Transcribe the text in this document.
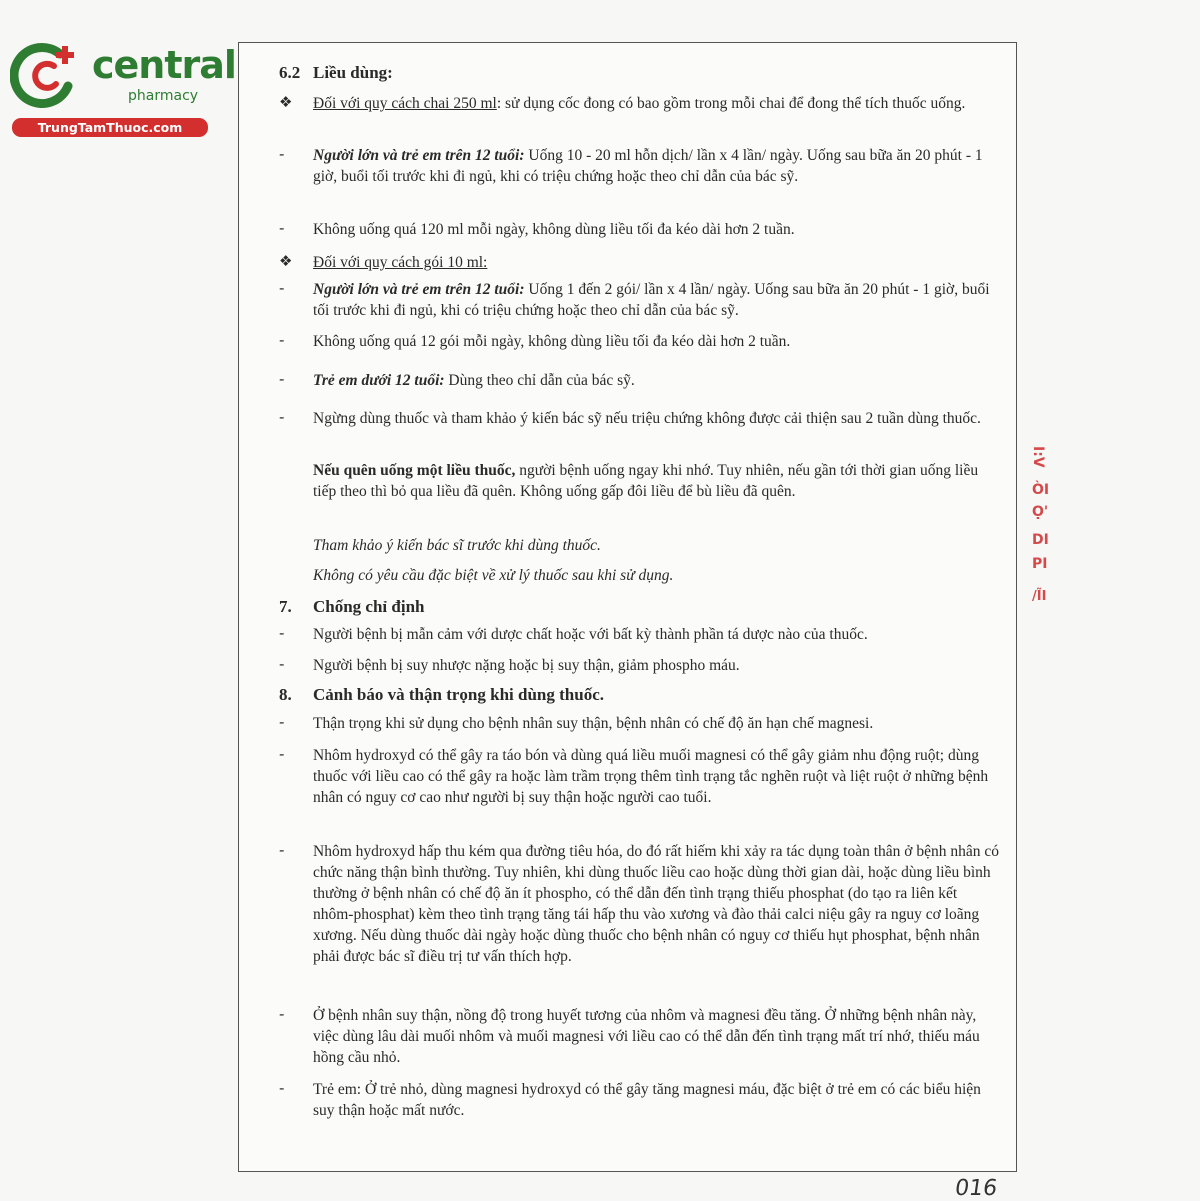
central
pharmacy
TrungTamThuoc.com
6.2 Liều dùng:
❖	Đối với quy cách chai 250 ml: sử dụng cốc đong có bao gồm trong mỗi chai để đong thể tích thuốc uống.
-	Người lớn và trẻ em trên 12 tuổi: Uống 10 - 20 ml hỗn dịch/ lần x 4 lần/ ngày. Uống sau bữa ăn 20 phút - 1 giờ, buổi tối trước khi đi ngủ, khi có triệu chứng hoặc theo chỉ dẫn của bác sỹ.
-	Không uống quá 120 ml mỗi ngày, không dùng liều tối đa kéo dài hơn 2 tuần.
❖	Đối với quy cách gói 10 ml:
-	Người lớn và trẻ em trên 12 tuổi: Uống 1 đến 2 gói/ lần x 4 lần/ ngày. Uống sau bữa ăn 20 phút - 1 giờ, buổi tối trước khi đi ngủ, khi có triệu chứng hoặc theo chỉ dẫn của bác sỹ.
-	Không uống quá 12 gói mỗi ngày, không dùng liều tối đa kéo dài hơn 2 tuần.
-	Trẻ em dưới 12 tuổi: Dùng theo chỉ dẫn của bác sỹ.
-	Ngừng dùng thuốc và tham khảo ý kiến bác sỹ nếu triệu chứng không được cải thiện sau 2 tuần dùng thuốc.
Nếu quên uống một liều thuốc, người bệnh uống ngay khi nhớ. Tuy nhiên, nếu gần tới thời gian uống liều tiếp theo thì bỏ qua liều đã quên. Không uống gấp đôi liều để bù liều đã quên.
Tham khảo ý kiến bác sĩ trước khi dùng thuốc.
Không có yêu cầu đặc biệt về xử lý thuốc sau khi sử dụng.
7. Chống chỉ định
-	Người bệnh bị mẫn cảm với dược chất hoặc với bất kỳ thành phần tá dược nào của thuốc.
-	Người bệnh bị suy nhược nặng hoặc bị suy thận, giảm phospho máu.
8. Cảnh báo và thận trọng khi dùng thuốc.
-	Thận trọng khi sử dụng cho bệnh nhân suy thận, bệnh nhân có chế độ ăn hạn chế magnesi.
-	Nhôm hydroxyd có thể gây ra táo bón và dùng quá liều muối magnesi có thể gây giảm nhu động ruột; dùng thuốc với liều cao có thể gây ra hoặc làm trầm trọng thêm tình trạng tắc nghẽn ruột và liệt ruột ở những bệnh nhân có nguy cơ cao như người bị suy thận hoặc người cao tuổi.
-	Nhôm hydroxyd hấp thu kém qua đường tiêu hóa, do đó rất hiếm khi xảy ra tác dụng toàn thân ở bệnh nhân có chức năng thận bình thường. Tuy nhiên, khi dùng thuốc liều cao hoặc dùng thời gian dài, hoặc dùng liều bình thường ở bệnh nhân có chế độ ăn ít phospho, có thể dẫn đến tình trạng thiếu phosphat (do tạo ra liên kết nhôm-phosphat) kèm theo tình trạng tăng tái hấp thu vào xương và đào thải calci niệu gây ra nguy cơ loãng xương. Nếu dùng thuốc dài ngày hoặc dùng thuốc cho bệnh nhân có nguy cơ thiếu hụt phosphat, bệnh nhân phải được bác sĩ điều trị tư vấn thích hợp.
-	Ở bệnh nhân suy thận, nồng độ trong huyết tương của nhôm và magnesi đều tăng. Ở những bệnh nhân này, việc dùng lâu dài muối nhôm và muối magnesi với liều cao có thể dẫn đến tình trạng mất trí nhớ, thiếu máu hồng cầu nhỏ.
-	Trẻ em: Ở trẻ nhỏ, dùng magnesi hydroxyd có thể gây tăng magnesi máu, đặc biệt ở trẻ em có các biểu hiện suy thận hoặc mất nước.
I:V
ÒI
Ọ'
DI
PI
/ĨI
016
